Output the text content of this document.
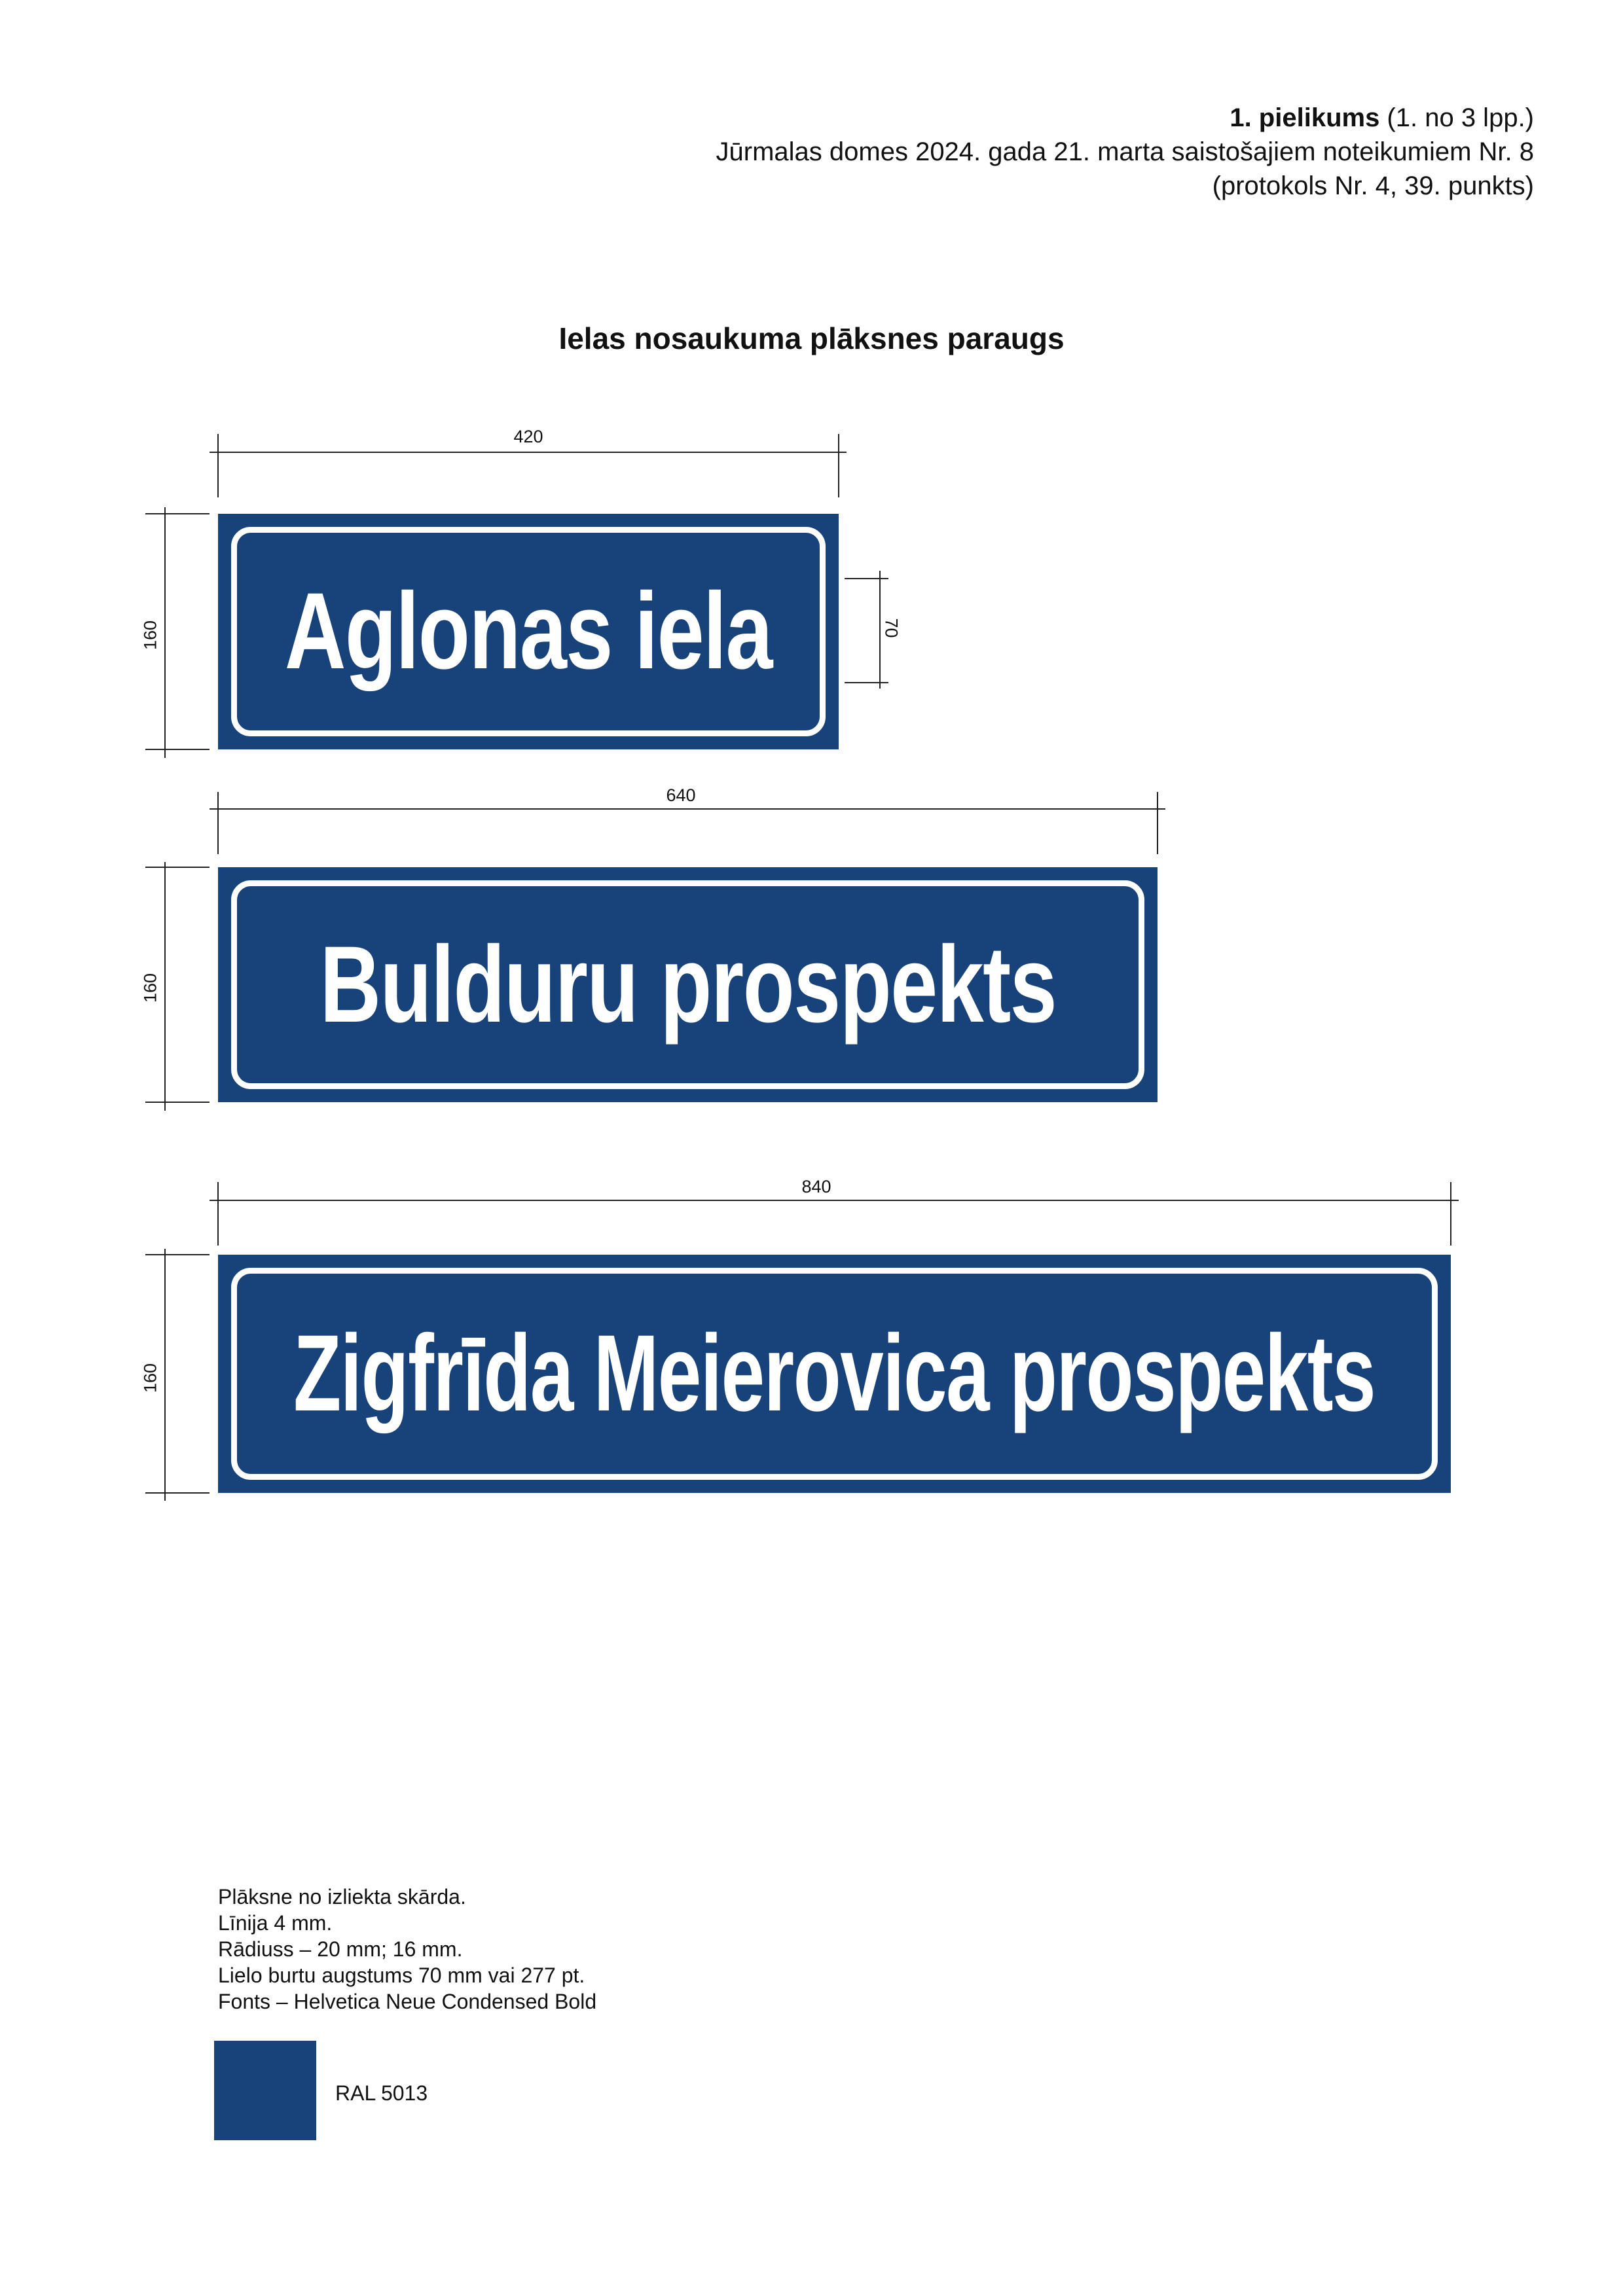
1. pielikums (1. no 3 lpp.)
Jūrmalas domes 2024. gada 21. marta saistošajiem noteikumiem Nr. 8
(protokols Nr. 4, 39. punkts)
Ielas nosaukuma plāksnes paraugs
420
160	70
Aglonas iela
640
160 Bulduru prospekts
840
160 Zigfrīda Meierovica prospekts
Plāksne no izliekta skārda.
Līnija 4 mm.
Rādiuss – 20 mm; 16 mm.
Lielo burtu augstums 70 mm vai 277 pt.
Fonts – Helvetica Neue Condensed Bold
RAL 5013
